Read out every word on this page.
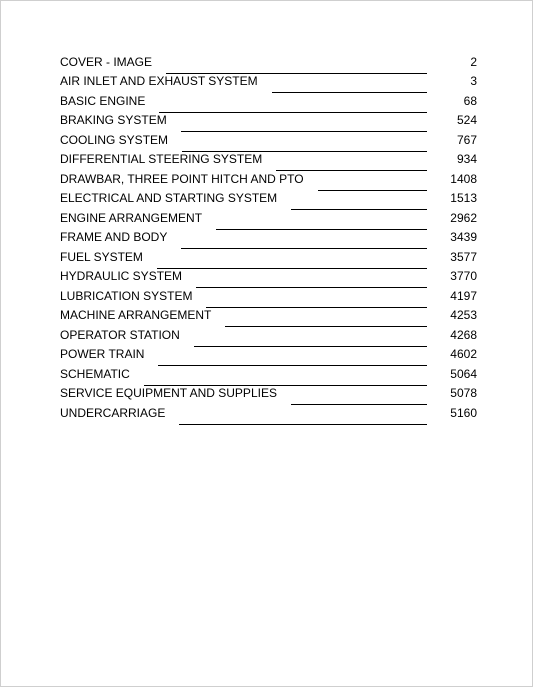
COVER - IMAGE	2
AIR INLET AND EXHAUST SYSTEM	3
BASIC ENGINE	68
BRAKING SYSTEM	524
COOLING SYSTEM	767
DIFFERENTIAL STEERING SYSTEM	934
DRAWBAR, THREE POINT HITCH AND PTO	1408
ELECTRICAL AND STARTING SYSTEM	1513
ENGINE ARRANGEMENT	2962
FRAME AND BODY	3439
FUEL SYSTEM	3577
HYDRAULIC SYSTEM	3770
LUBRICATION SYSTEM	4197
MACHINE ARRANGEMENT	4253
OPERATOR STATION	4268
POWER TRAIN	4602
SCHEMATIC	5064
SERVICE EQUIPMENT AND SUPPLIES	5078
UNDERCARRIAGE	5160
